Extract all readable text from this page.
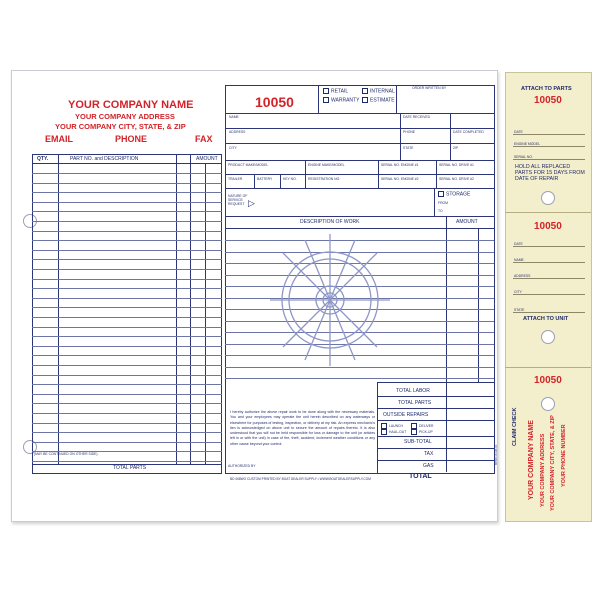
YOUR COMPANY NAME
YOUR COMPANY ADDRESS
YOUR COMPANY CITY, STATE, & ZIP
EMAIL	PHONE	FAX
QTY.	PART NO. and DESCRIPTION	AMOUNT
(MAY BE CONTINUED ON OTHER SIDE)
TOTAL PARTS
10050
RETAIL
WARRANTY
INTERNAL
ESTIMATE
ORDER WRITTEN BY
NAME	DATE RECEIVED
ADDRESS	PHONE	DATE COMPLETED
CITY	STATE	ZIP
PRODUCT MAKE/MODEL	ENGINE MAKE/MODEL	SERIAL NO. ENGINE #1	SERIAL NO. DRIVE #1
TRAILER	BATTERY	KEY NO.	REGISTRATION NO.	SERIAL NO. ENGINE #2	SERIAL NO. DRIVE #2
NATURE OF SERVICE REQUEST ▷
STORAGE
FROM
TO
DESCRIPTION OF WORK	AMOUNT
TOTAL LABOR
TOTAL PARTS
OUTSIDE REPAIRS
LAUNCH	DELIVER
HAUL-OUT	PICK-UP
SUB-TOTAL
TAX
GAS
TOTAL
I hereby authorize the above repair work to be done along with the necessary materials. You and your employees may operate the unit herein described on any waterways or elsewhere for purposes of testing, inspection, or delivery at my risk. An express mechanic's lien is acknowledged on above unit to secure the amount of repairs thereto. It is also understood that you will not be held responsible for loss or damage to the unit (or articles left in or with the unit) in case of fire, theft, accident, inclement weather conditions or any other cause beyond your control.
AUTHORIZED BY
BD 068WO CUSTOM PRINTED BY BOAT DEALER SUPPLY • WWW.BOATDEALERSUPPLY.COM
BPRO-0338-01
ATTACH TO PARTS
10050
DATE
ENGINE MODEL
SERIAL NO.
HOLD ALL REPLACED PARTS FOR 15 DAYS FROM DATE OF REPAIR
10050
DATE
NAME
ADDRESS
CITY
STATE
ATTACH TO UNIT
10050
CLAIM CHECK YOUR COMPANY NAME YOUR COMPANY ADDRESS YOUR COMPANY CITY, STATE, & ZIP YOUR PHONE NUMBER
